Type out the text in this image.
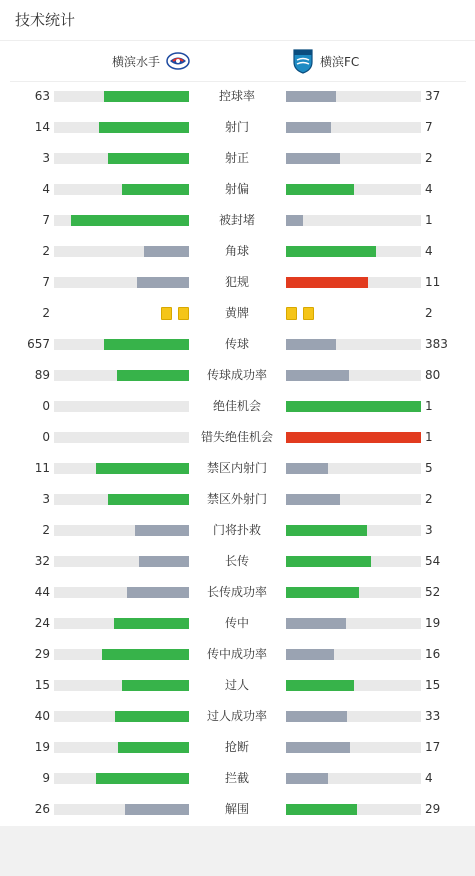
技术统计
横滨水手	横滨FC
63	控球率	37
14	射门	7
3	射正	2
4	射偏	4
7	被封堵	1
2	角球	4
7	犯规	11
2	黄牌	2
657	传球	383
89	传球成功率	80
0	绝佳机会	1
0	错失绝佳机会	1
11	禁区内射门	5
3	禁区外射门	2
2	门将扑救	3
32	长传	54
44	长传成功率	52
24	传中	19
29	传中成功率	16
15	过人	15
40	过人成功率	33
19	抢断	17
9	拦截	4
26	解围	29
